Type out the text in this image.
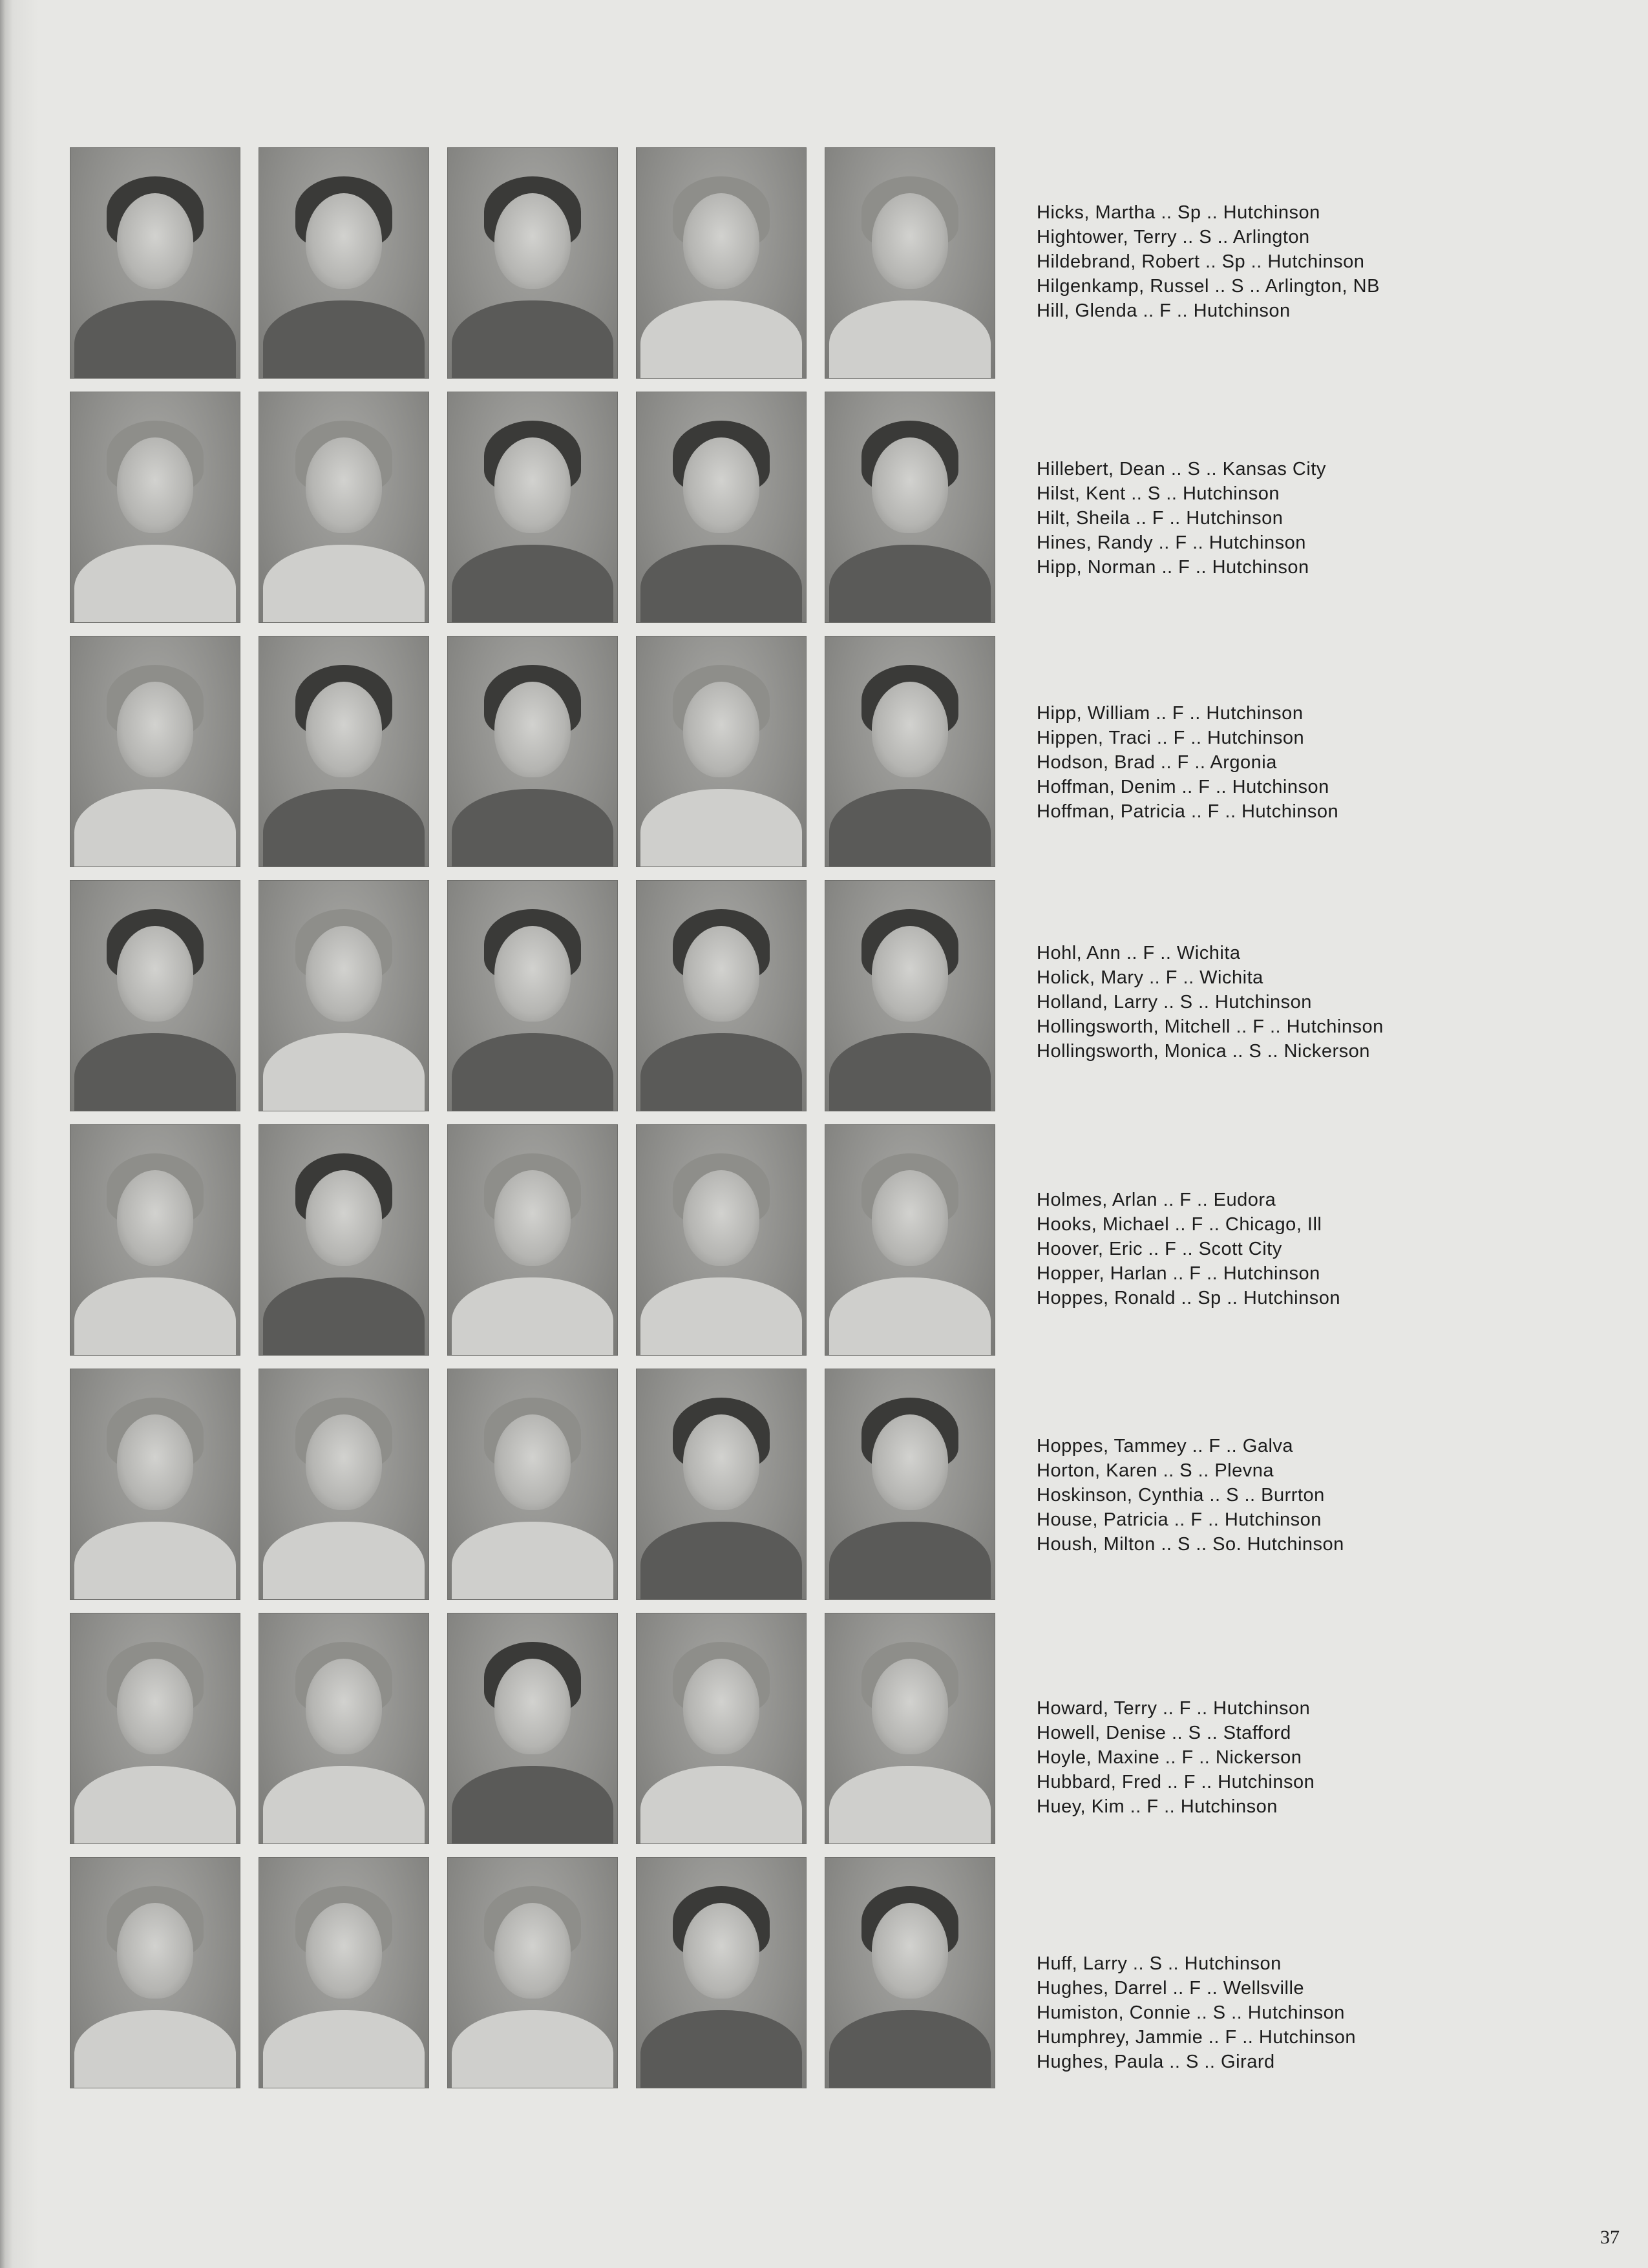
Hicks, Martha .. Sp .. Hutchinson
Hightower, Terry .. S .. Arlington
Hildebrand, Robert .. Sp .. Hutchinson
Hilgenkamp, Russel .. S .. Arlington, NB
Hill, Glenda .. F .. Hutchinson
Hillebert, Dean .. S .. Kansas City
Hilst, Kent .. S .. Hutchinson
Hilt, Sheila .. F .. Hutchinson
Hines, Randy .. F .. Hutchinson
Hipp, Norman .. F .. Hutchinson
Hipp, William .. F .. Hutchinson
Hippen, Traci .. F .. Hutchinson
Hodson, Brad .. F .. Argonia
Hoffman, Denim .. F .. Hutchinson
Hoffman, Patricia .. F .. Hutchinson
Hohl, Ann .. F .. Wichita
Holick, Mary .. F .. Wichita
Holland, Larry .. S .. Hutchinson
Hollingsworth, Mitchell .. F .. Hutchinson
Hollingsworth, Monica .. S .. Nickerson
Holmes, Arlan .. F .. Eudora
Hooks, Michael .. F .. Chicago, Ill
Hoover, Eric .. F .. Scott City
Hopper, Harlan .. F .. Hutchinson
Hoppes, Ronald .. Sp .. Hutchinson
Hoppes, Tammey .. F .. Galva
Horton, Karen .. S .. Plevna
Hoskinson, Cynthia .. S .. Burrton
House, Patricia .. F .. Hutchinson
Housh, Milton .. S .. So. Hutchinson
Howard, Terry .. F .. Hutchinson
Howell, Denise .. S .. Stafford
Hoyle, Maxine .. F .. Nickerson
Hubbard, Fred .. F .. Hutchinson
Huey, Kim .. F .. Hutchinson
Huff, Larry .. S .. Hutchinson
Hughes, Darrel .. F .. Wellsville
Humiston, Connie .. S .. Hutchinson
Humphrey, Jammie .. F .. Hutchinson
Hughes, Paula .. S .. Girard
37
